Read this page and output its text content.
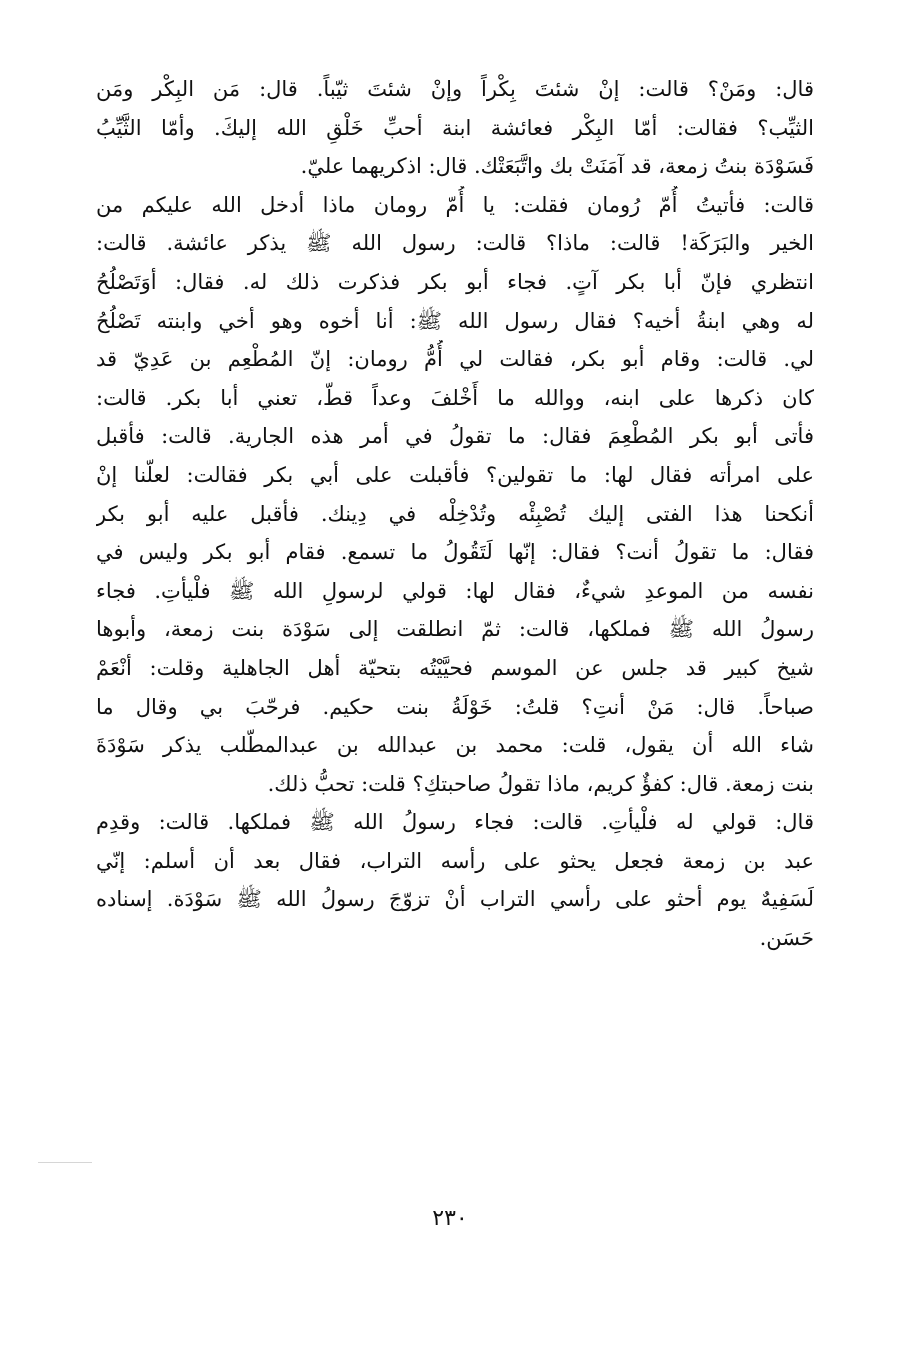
قال: ومَنْ؟ قالت: إنْ شئتَ بِكْراً وإنْ شئتَ ثيّباً. قال: مَن البِكْر ومَن
الثيِّب؟ فقالت: أمّا البِكْر فعائشة ابنة أحبِّ خَلْقِ الله إليكَ. وأمّا الثَّيِّبُ
فَسَوْدَة بنتُ زمعة، قد آمَنَتْ بك واتَّبَعَتْك. قال: اذكريهما عليّ.
قالت: فأتيتُ أُمّ رُومان فقلت: يا أُمّ رومان ماذا أدخل الله عليكم من
الخير والبَرَكَة! قالت: ماذا؟ قالت: رسول الله ﷺ يذكر عائشة. قالت:
انتظري فإنّ أبا بكر آتٍ. فجاء أبو بكر فذكرت ذلك له. فقال: أوَتَصْلُحُ
له وهي ابنةُ أخيه؟ فقال رسول الله ﷺ: أنا أخوه وهو أخي وابنته تَصْلُحُ
لي. قالت: وقام أبو بكر، فقالت لي أُمُّ رومان: إنّ المُطْعِم بن عَدِيّ قد
كان ذكرها على ابنه، ووالله ما أَخْلفَ وعداً قطّ، تعني أبا بكر. قالت:
فأتى أبو بكر المُطْعِمَ فقال: ما تقولُ في أمر هذه الجارية. قالت: فأقبل
على امرأته فقال لها: ما تقولين؟ فأقبلت على أبي بكر فقالت: لعلّنا إنْ
أنكحنا هذا الفتى إليك تُصْبِئْه وتُدْخِلْه في دِينك. فأقبل عليه أبو بكر
فقال: ما تقولُ أنت؟ فقال: إنّها لَتَقُولُ ما تسمع. فقام أبو بكر وليس في
نفسه من الموعدِ شيءٌ، فقال لها: قولي لرسولِ الله ﷺ فلْيأتِ. فجاء
رسولُ الله ﷺ فملكها، قالت: ثمّ انطلقت إلى سَوْدَة بنت زمعة، وأبوها
شيخ كبير قد جلس عن الموسم فحيَّيْتُه بتحيّة أهل الجاهلية وقلت: أنْعَمْ
صباحاً. قال: مَنْ أنتِ؟ قلتُ: خَوْلَةُ بنت حكيم. فرحّبَ بي وقال ما
شاء الله أن يقول، قلت: محمد بن عبدالله بن عبدالمطّلب يذكر سَوْدَةَ
بنت زمعة. قال: كفؤٌ كريم، ماذا تقولُ صاحبتكِ؟ قلت: تحبُّ ذلك.
قال: قولي له فلْيأتِ. قالت: فجاء رسولُ الله ﷺ فملكها. قالت: وقدِم
عبد بن زمعة فجعل يحثو على رأسه التراب، فقال بعد أن أسلم: إنّي
لَسَفِيهٌ يوم أحثو على رأسي التراب أنْ تزوّجَ رسولُ الله ﷺ سَوْدَة. إسناده
حَسَن.
٢٣٠
